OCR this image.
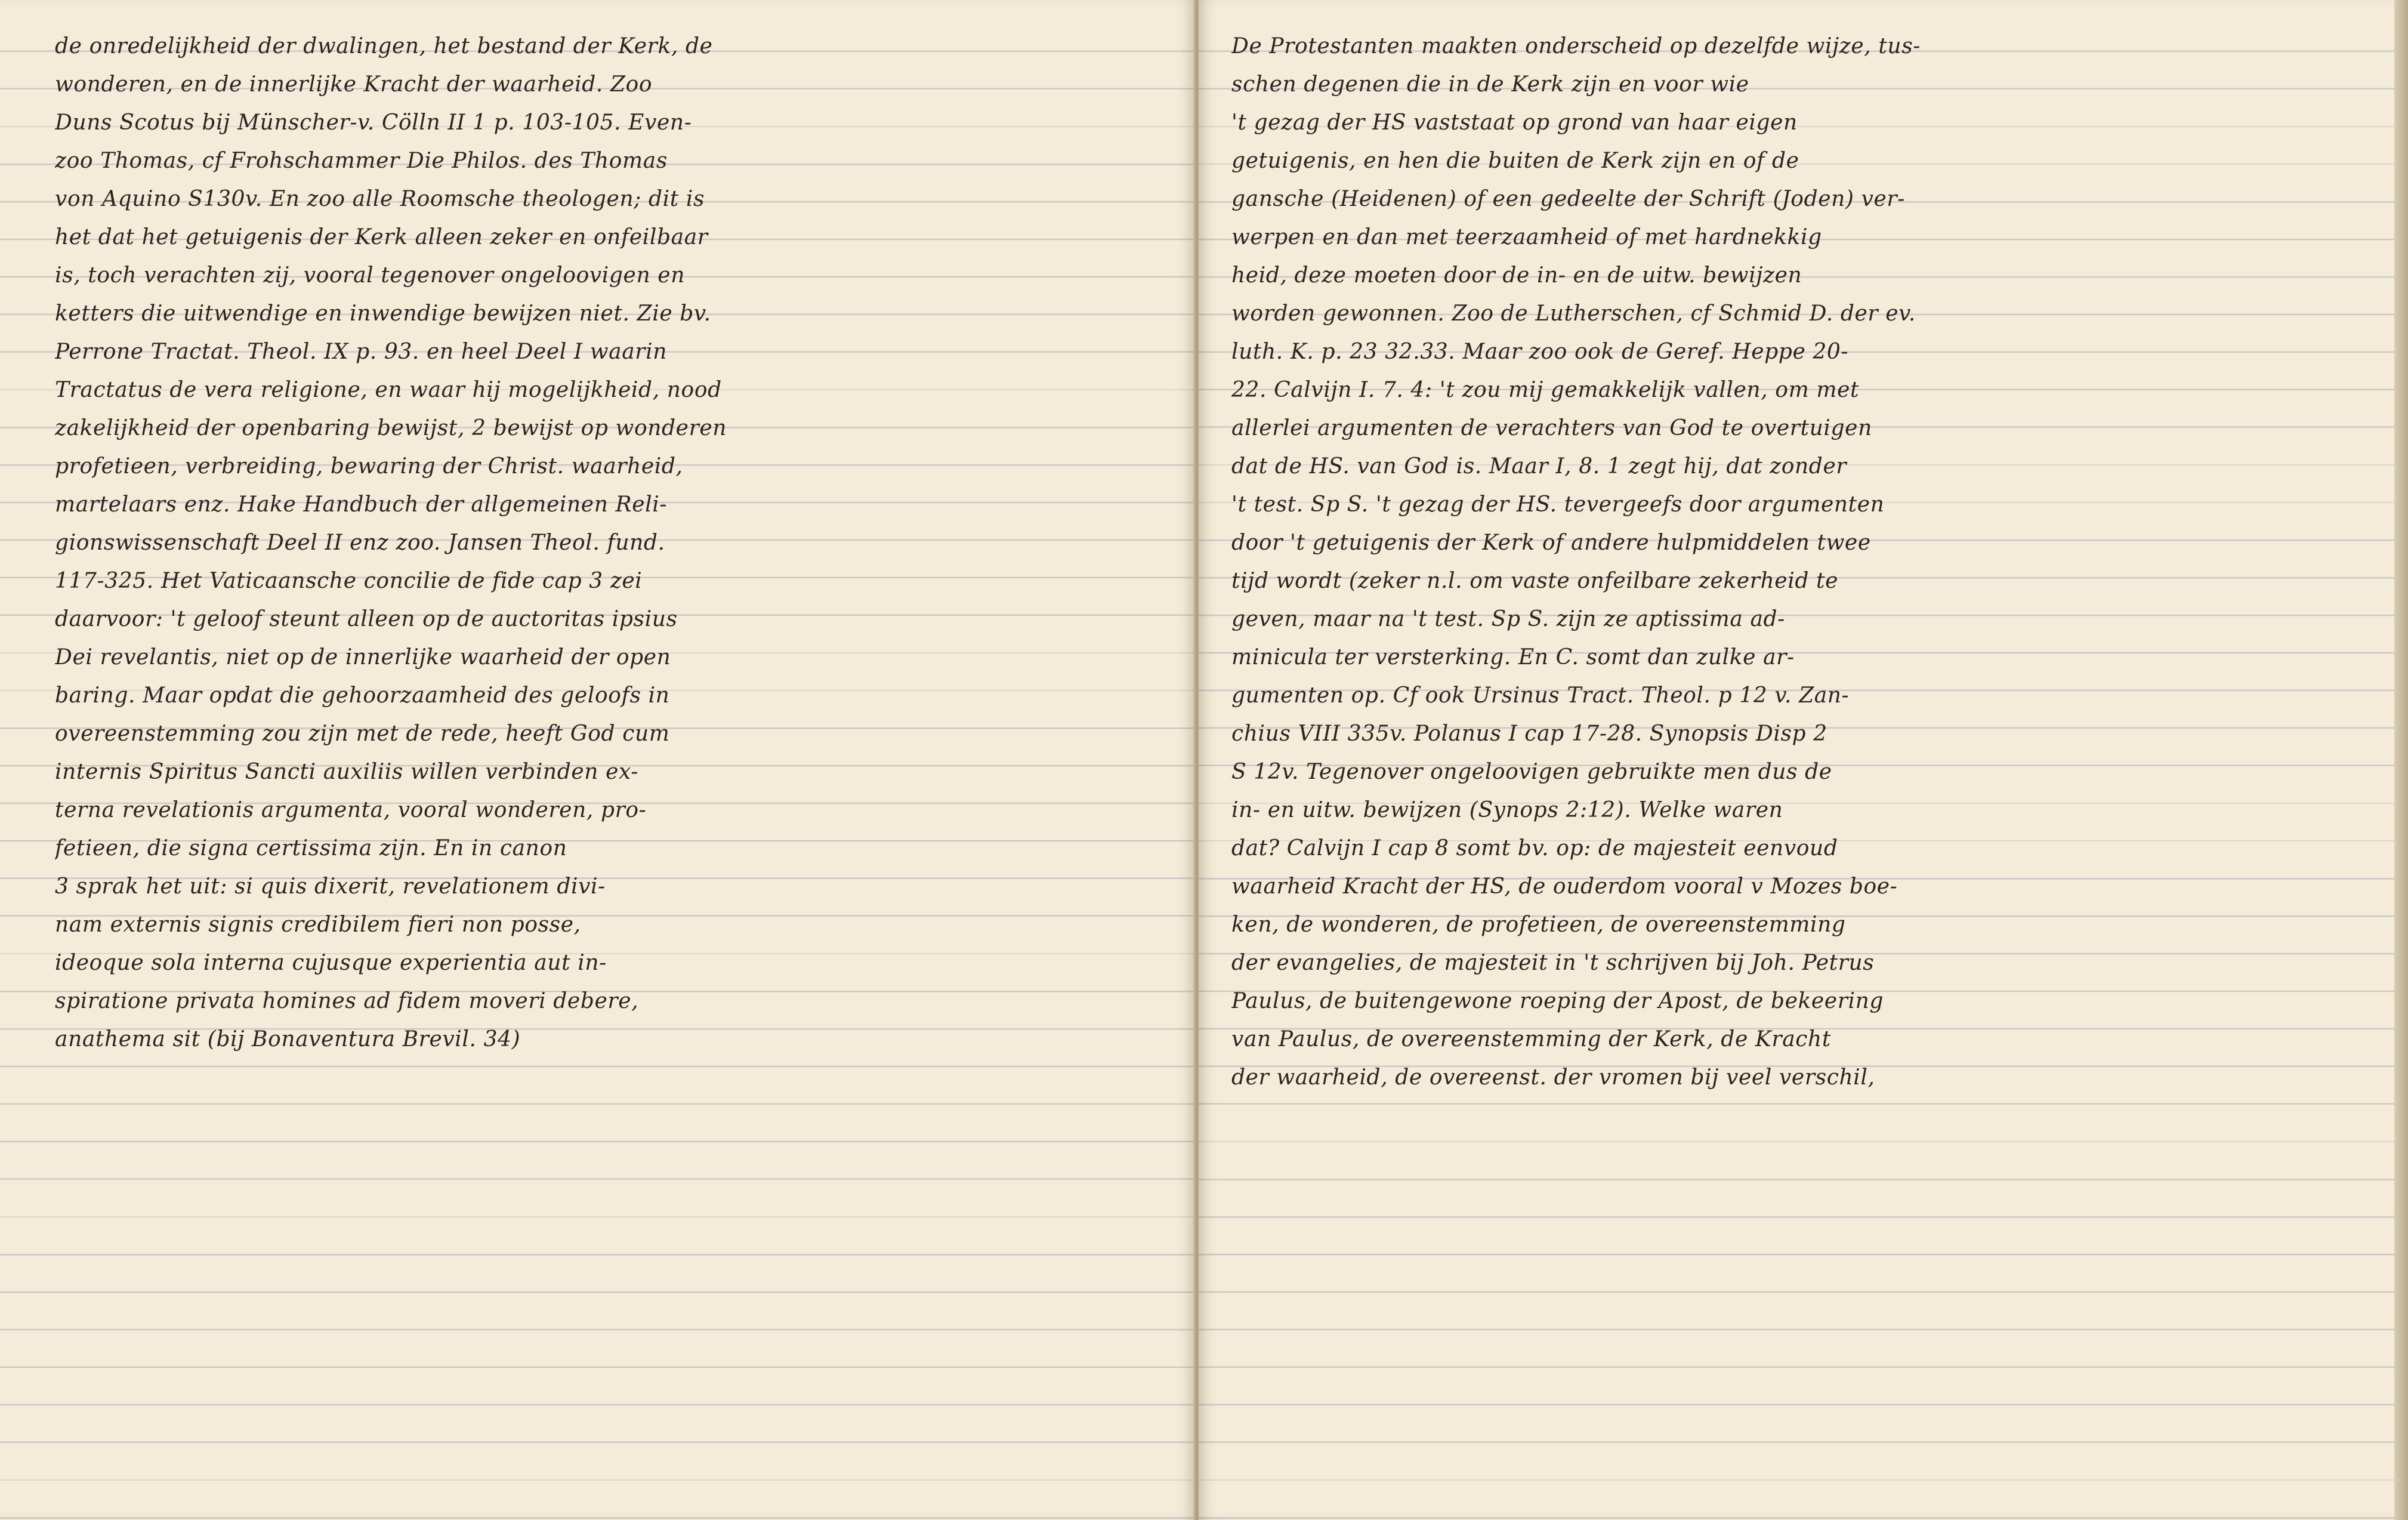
de onredelijkheid der dwalingen, het bestand der Kerk, de
wonderen, en de innerlijke Kracht der waarheid. Zoo
Duns Scotus bij Münscher-v. Cölln II 1 p. 103-105. Even-
zoo Thomas, cf Frohschammer Die Philos. des Thomas
von Aquino S130v. En zoo alle Roomsche theologen; dit is
het dat het getuigenis der Kerk alleen zeker en onfeilbaar
is, toch verachten zij, vooral tegenover ongeloovigen en
ketters die uitwendige en inwendige bewijzen niet. Zie bv.
Perrone Tractat. Theol. IX p. 93. en heel Deel I waarin
Tractatus de vera religione, en waar hij mogelijkheid, nood
zakelijkheid der openbaring bewijst, 2 bewijst op wonderen
profetieen, verbreiding, bewaring der Christ. waarheid,
martelaars enz. Hake Handbuch der allgemeinen Reli-
gionswissenschaft Deel II enz zoo. Jansen Theol. fund.
117-325. Het Vaticaansche concilie de fide cap 3 zei
daarvoor: 't geloof steunt alleen op de auctoritas ipsius
Dei revelantis, niet op de innerlijke waarheid der open
baring. Maar opdat die gehoorzaamheid des geloofs in
overeenstemming zou zijn met de rede, heeft God cum
internis Spiritus Sancti auxiliis willen verbinden ex-
terna revelationis argumenta, vooral wonderen, pro-
fetieen, die signa certissima zijn. En in canon
3 sprak het uit: si quis dixerit, revelationem divi-
nam externis signis credibilem fieri non posse,
ideoque sola interna cujusque experientia aut in-
spiratione privata homines ad fidem moveri debere,
anathema sit (bij Bonaventura Brevil. 34)
De Protestanten maakten onderscheid op dezelfde wijze, tus-
schen degenen die in de Kerk zijn en voor wie
't gezag der HS vaststaat op grond van haar eigen
getuigenis, en hen die buiten de Kerk zijn en of de
gansche (Heidenen) of een gedeelte der Schrift (Joden) ver-
werpen en dan met teerzaamheid of met hardnekkig
heid, deze moeten door de in- en de uitw. bewijzen
worden gewonnen. Zoo de Lutherschen, cf Schmid D. der ev.
luth. K. p. 23 32.33. Maar zoo ook de Geref. Heppe 20-
22. Calvijn I. 7. 4: 't zou mij gemakkelijk vallen, om met
allerlei argumenten de verachters van God te overtuigen
dat de HS. van God is. Maar I, 8. 1 zegt hij, dat zonder
't test. Sp S. 't gezag der HS. tevergeefs door argumenten
door 't getuigenis der Kerk of andere hulpmiddelen twee
tijd wordt (zeker n.l. om vaste onfeilbare zekerheid te
geven, maar na 't test. Sp S. zijn ze aptissima ad-
minicula ter versterking. En C. somt dan zulke ar-
gumenten op. Cf ook Ursinus Tract. Theol. p 12 v. Zan-
chius VIII 335v. Polanus I cap 17-28. Synopsis Disp 2
S 12v. Tegenover ongeloovigen gebruikte men dus de
in- en uitw. bewijzen (Synops 2:12). Welke waren
dat? Calvijn I cap 8 somt bv. op: de majesteit eenvoud
waarheid Kracht der HS, de ouderdom vooral v Mozes boe-
ken, de wonderen, de profetieen, de overeenstemming
der evangelies, de majesteit in 't schrijven bij Joh. Petrus
Paulus, de buitengewone roeping der Apost, de bekeering
van Paulus, de overeenstemming der Kerk, de Kracht
der waarheid, de overeenst. der vromen bij veel verschil,
